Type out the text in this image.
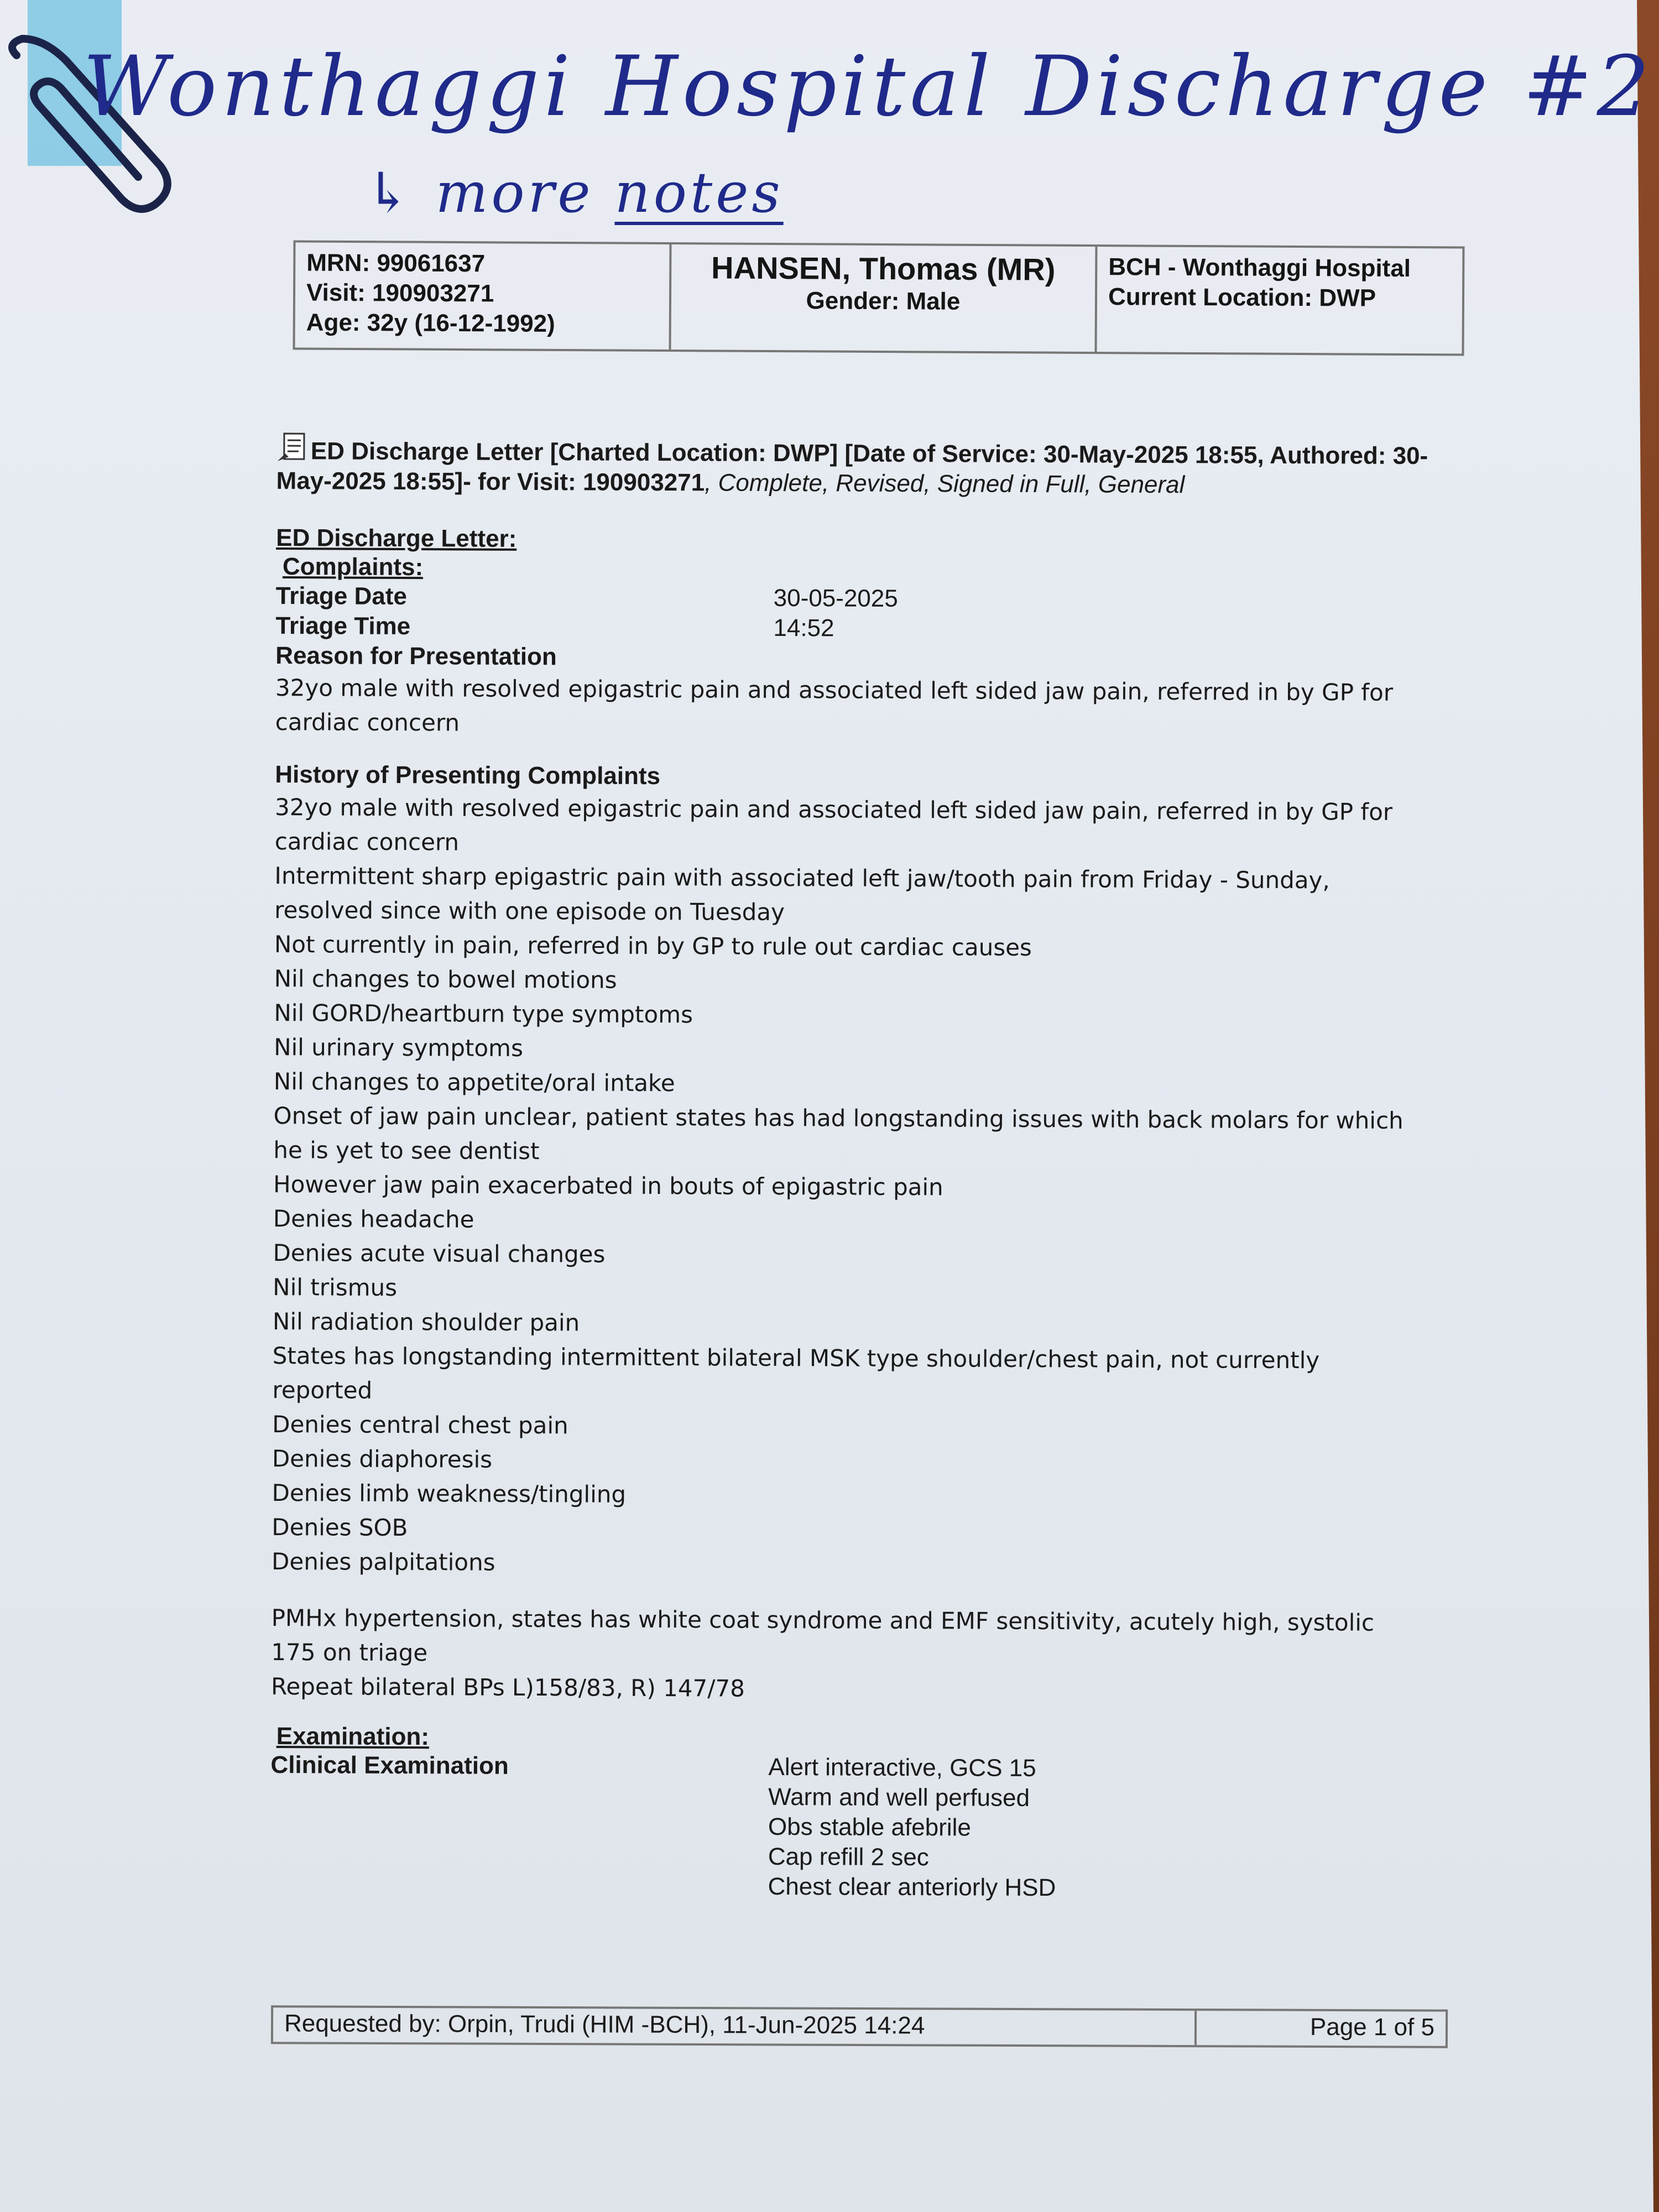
Wonthaggi Hospital Discharge #2
↳ more notes
MRN: 99061637
Visit: 190903271
Age: 32y (16-12-1992)
HANSEN, Thomas (MR)
Gender: Male
BCH - Wonthaggi Hospital
Current Location: DWP
ED Discharge Letter [Charted Location: DWP] [Date of Service: 30-May-2025 18:55, Authored: 30-May-2025 18:55]- for Visit: 190903271, Complete, Revised, Signed in Full, General
ED Discharge Letter:
Complaints:
Triage Date	30-05-2025
Triage Time	14:52
Reason for Presentation
32yo male with resolved epigastric pain and associated left sided jaw pain, referred in by GP for cardiac concern
History of Presenting Complaints
32yo male with resolved epigastric pain and associated left sided jaw pain, referred in by GP for cardiac concern
Intermittent sharp epigastric pain with associated left jaw/tooth pain from Friday - Sunday, resolved since with one episode on Tuesday
Not currently in pain, referred in by GP to rule out cardiac causes
Nil changes to bowel motions
Nil GORD/heartburn type symptoms
Nil urinary symptoms
Nil changes to appetite/oral intake
Onset of jaw pain unclear, patient states has had longstanding issues with back molars for which he is yet to see dentist
However jaw pain exacerbated in bouts of epigastric pain
Denies headache
Denies acute visual changes
Nil trismus
Nil radiation shoulder pain
States has longstanding intermittent bilateral MSK type shoulder/chest pain, not currently reported
Denies central chest pain
Denies diaphoresis
Denies limb weakness/tingling
Denies SOB
Denies palpitations
PMHx hypertension, states has white coat syndrome and EMF sensitivity, acutely high, systolic 175 on triage
Repeat bilateral BPs L)158/83, R) 147/78
Examination:
Clinical Examination	Alert interactive, GCS 15
Warm and well perfused
Obs stable afebrile
Cap refill 2 sec
Chest clear anteriorly HSD
Requested by: Orpin, Trudi (HIM -BCH), 11-Jun-2025 14:24	Page 1 of 5
